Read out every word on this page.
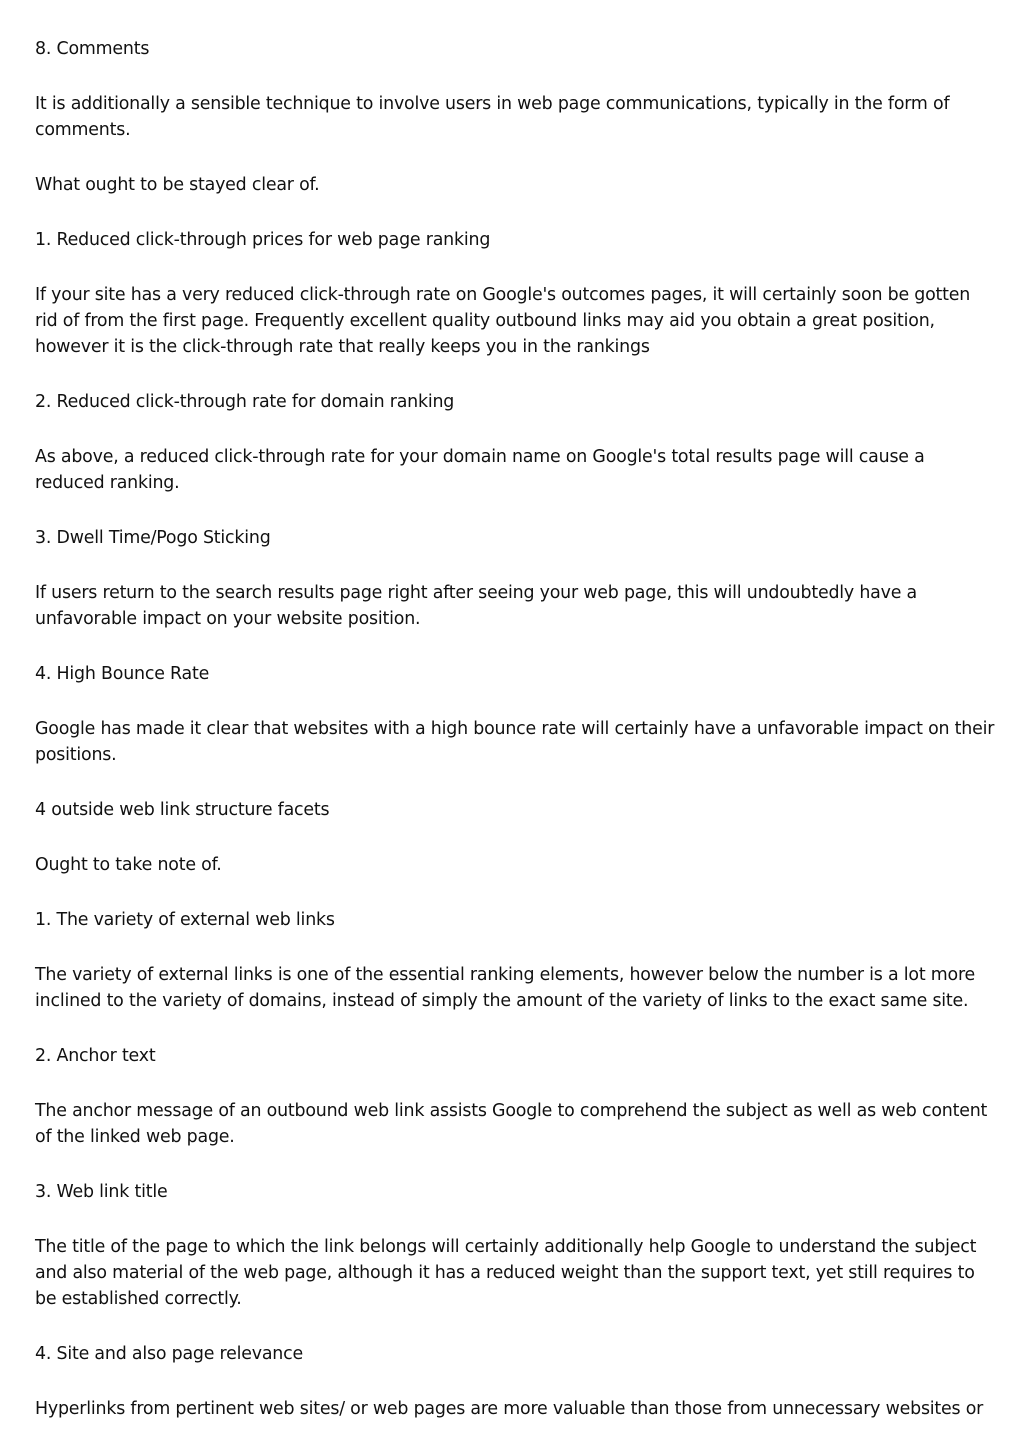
8. Comments

It is additionally a sensible technique to involve users in web page communications, typically in the form of comments.

What ought to be stayed clear of.

1. Reduced click-through prices for web page ranking

If your site has a very reduced click-through rate on Google's outcomes pages, it will certainly soon be gotten rid of from the first page. Frequently excellent quality outbound links may aid you obtain a great position, however it is the click-through rate that really keeps you in the rankings

2. Reduced click-through rate for domain ranking

As above, a reduced click-through rate for your domain name on Google's total results page will cause a reduced ranking.

3. Dwell Time/Pogo Sticking

If users return to the search results page right after seeing your web page, this will undoubtedly have a unfavorable impact on your website position.

4. High Bounce Rate

Google has made it clear that websites with a high bounce rate will certainly have a unfavorable impact on their positions.

4 outside web link structure facets

Ought to take note of.

1. The variety of external web links

The variety of external links is one of the essential ranking elements, however below the number is a lot more inclined to the variety of domains, instead of simply the amount of the variety of links to the exact same site.

2. Anchor text

The anchor message of an outbound web link assists Google to comprehend the subject as well as web content of the linked web page.

3. Web link title

The title of the page to which the link belongs will certainly additionally help Google to understand the subject and also material of the web page, although it has a reduced weight than the support text, yet still requires to be established correctly.

4. Site and also page relevance

Hyperlinks from pertinent web sites/ or web pages are more valuable than those from unnecessary websites or
